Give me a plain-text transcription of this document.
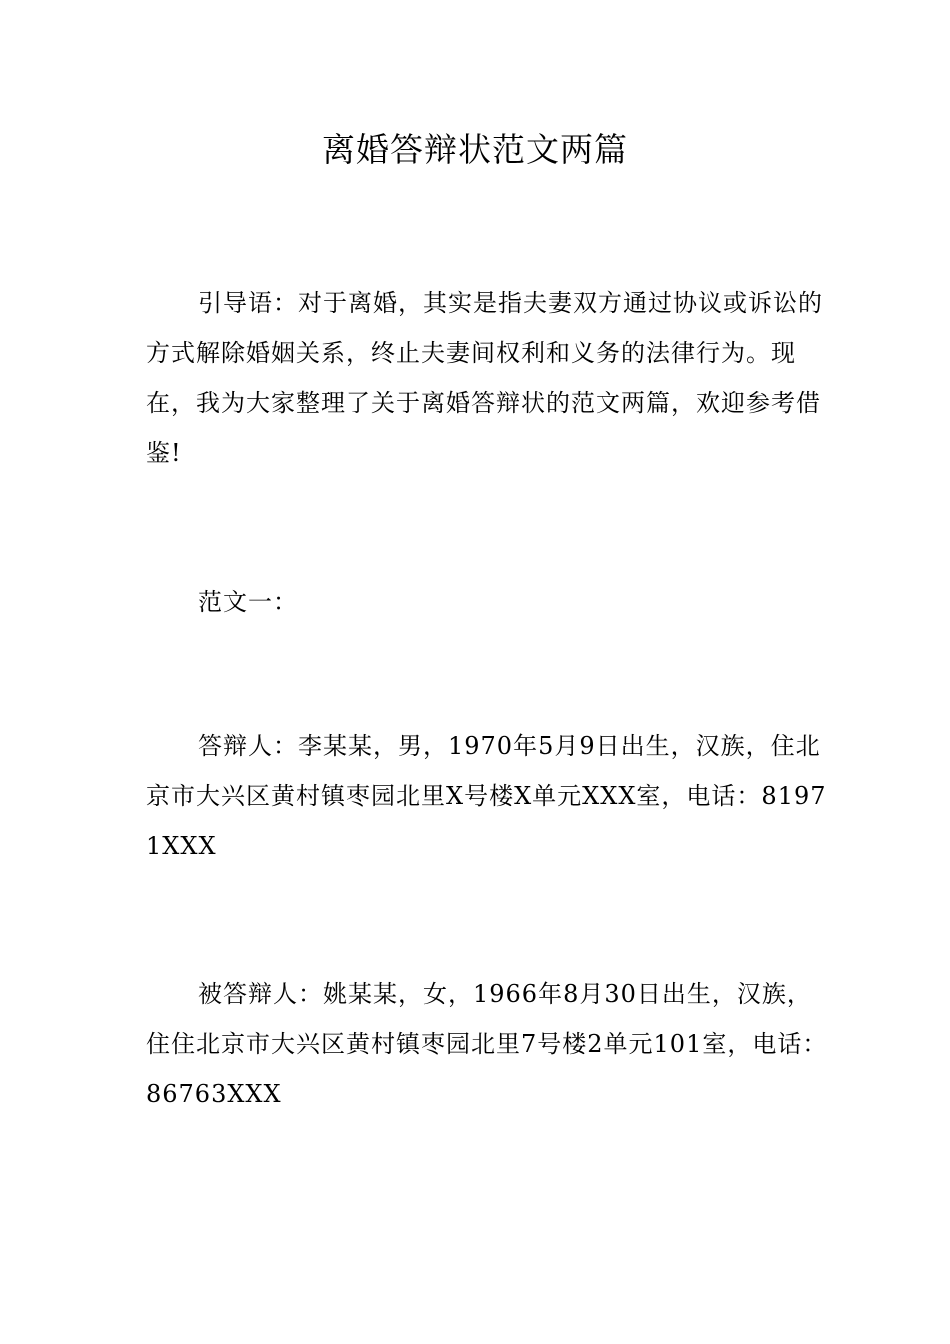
离婚答辩状范文两篇

引导语：对于离婚，其实是指夫妻双方通过协议或诉讼的方式解除婚姻关系，终止夫妻间权利和义务的法律行为。现在，我为大家整理了关于离婚答辩状的范文两篇，欢迎参考借鉴!

范文一：

答辩人：李某某，男，1970年5月9日出生，汉族，住北京市大兴区黄村镇枣园北里X号楼X单元XXX室，电话：81971XXX

被答辩人：姚某某，女，1966年8月30日出生，汉族，住住北京市大兴区黄村镇枣园北里7号楼2单元101室，电话：86763XXX
